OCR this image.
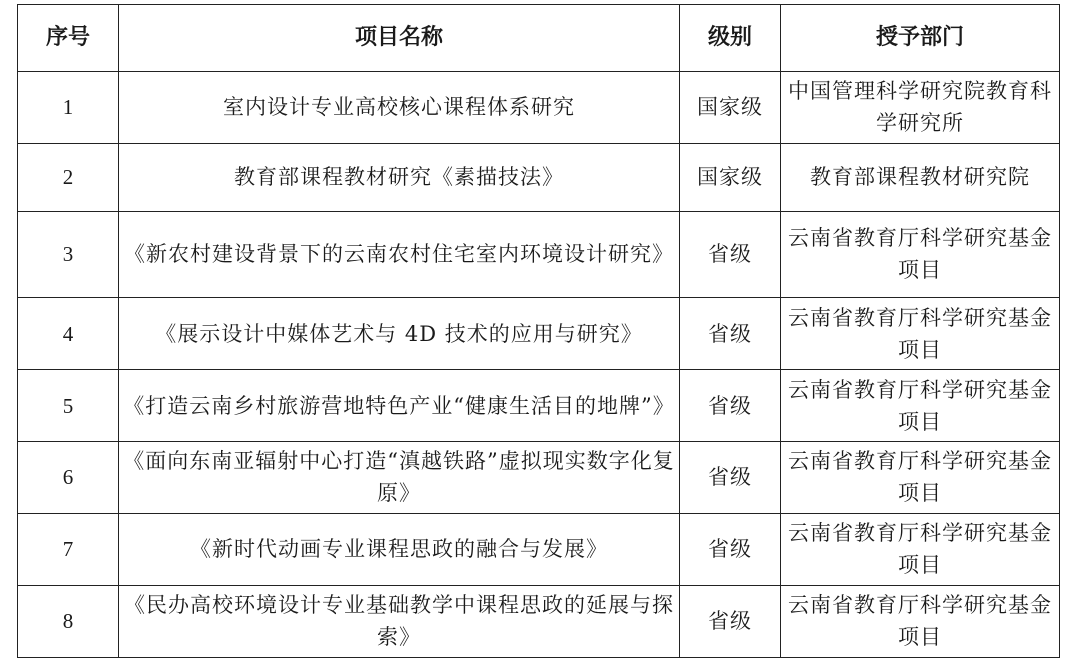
序号	项目名称	级别	授予部门
1	室内设计专业高校核心课程体系研究	国家级	中国管理科学研究院教育科学研究所
2	教育部课程教材研究《素描技法》	国家级	教育部课程教材研究院
3	《新农村建设背景下的云南农村住宅室内环境设计研究》	省级	云南省教育厅科学研究基金项目
4	《展示设计中媒体艺术与 4D 技术的应用与研究》	省级	云南省教育厅科学研究基金项目
5	《打造云南乡村旅游营地特色产业“健康生活目的地牌”》	省级	云南省教育厅科学研究基金项目
6	《面向东南亚辐射中心打造“滇越铁路”虚拟现实数字化复原》	省级	云南省教育厅科学研究基金项目
7	《新时代动画专业课程思政的融合与发展》	省级	云南省教育厅科学研究基金项目
8	《民办高校环境设计专业基础教学中课程思政的延展与探索》	省级	云南省教育厅科学研究基金项目
